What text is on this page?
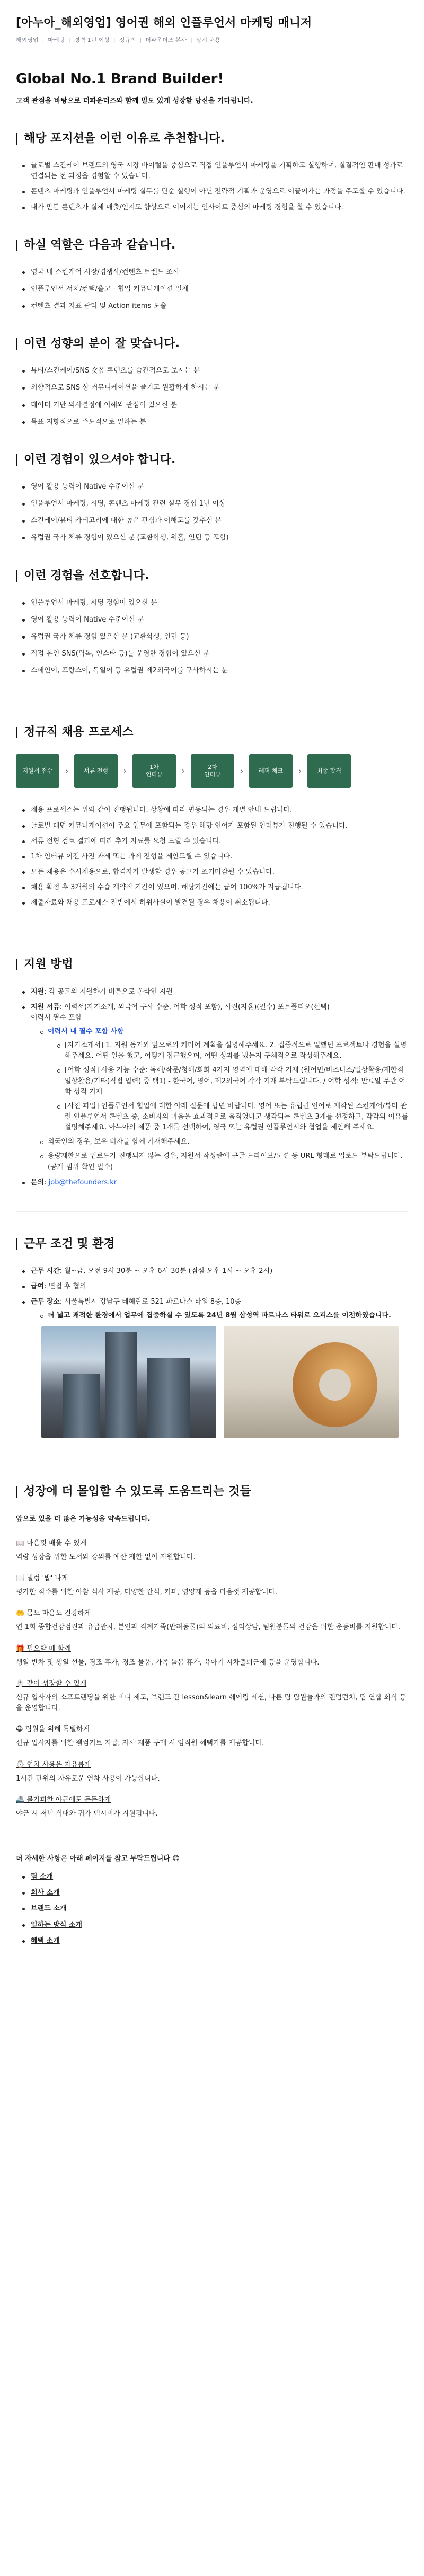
[아누아_해외영업] 영어권 해외 인플루언서 마케팅 매니저
해외영업 | 마케팅 | 경력 1년 이상 | 정규직 | 더파운더즈 본사 | 상시 채용
Global No.1 Brand Builder!
고객 관점을 바탕으로 더파운더즈와 함께 밀도 있게 성장할 당신을 기다립니다.
해당 포지션을 이런 이유로 추천합니다.
글로벌 스킨케어 브랜드의 영국 시장 바이럴을 중심으로 직접 인플루언서 마케팅을 기획하고 실행하며, 실질적인 판매 성과로 연결되는 전 과정을 경험할 수 있습니다.
콘텐츠 마케팅과 인플루언서 마케팅 실무를 단순 실행이 아닌 전략적 기획과 운영으로 이끌어가는 과정을 주도할 수 있습니다.
내가 만든 콘텐츠가 실제 매출/인지도 향상으로 이어지는 인사이트 중심의 마케팅 경험을 할 수 있습니다.
하실 역할은 다음과 같습니다.
영국 내 스킨케어 시장/경쟁사/컨텐츠 트렌드 조사
인플루언서 서치/컨택/출고 - 협업 커뮤니케이션 일체
컨텐츠 결과 지표 관리 및 Action items 도출
이런 성향의 분이 잘 맞습니다.
뷰티/스킨케어/SNS 숏폼 콘텐츠를 습관적으로 보시는 분
외향적으로 SNS 상 커뮤니케이션을 즐기고 원활하게 하시는 분
데이터 기반 의사결정에 이해와 관심이 있으신 분
목표 지향적으로 주도적으로 일하는 분
이런 경험이 있으셔야 합니다.
영어 활용 능력이 Native 수준이신 분
인플루언서 마케팅, 시딩, 콘텐츠 마케팅 관련 실무 경험 1년 이상
스킨케어/뷰티 카테고리에 대한 높은 관심과 이해도를 갖추신 분
유럽권 국가 체류 경험이 있으신 분 (교환학생, 워홀, 인턴 등 포함)
이런 경험을 선호합니다.
인플루언서 마케팅, 시딩 경험이 있으신 분
영어 활용 능력이 Native 수준이신 분
유럽권 국가 체류 경험 있으신 분 (교환학생, 인턴 등)
직접 본인 SNS(틱톡, 인스타 등)를 운영한 경험이 있으신 분
스페인어, 프랑스어, 독일어 등 유럽권 제2외국어를 구사하시는 분
정규직 채용 프로세스
지원서 접수	›	서류 전형	›	1차
인터뷰	›	2차
인터뷰	›	레퍼 체크	›	최종 합격
채용 프로세스는 위와 같이 진행됩니다. 상황에 따라 변동되는 경우 개별 안내 드립니다.
글로벌 대면 커뮤니케이션이 주요 업무에 포함되는 경우 해당 언어가 포함된 인터뷰가 진행될 수 있습니다.
서류 전형 검토 결과에 따라 추가 자료를 요청 드릴 수 있습니다.
1차 인터뷰 이전 사전 과제 또는 과제 전형을 제안드릴 수 있습니다.
모든 채용은 수시채용으로, 합격자가 발생할 경우 공고가 조기마감될 수 있습니다.
채용 확정 후 3개월의 수습 계약직 기간이 있으며, 해당기간에는 급여 100%가 지급됩니다.
제출자료와 채용 프로세스 전반에서 허위사실이 발견될 경우 채용이 취소됩니다.
지원 방법
지원: 각 공고의 지원하기 버튼으로 온라인 지원
지원 서류: 이력서(자기소개, 외국어 구사 수준, 어학 성적 포함), 사진(자율)(필수) 포트폴리오(선택)
이력서 필수 포함
이력서 내 필수 포함 사항
[자기소개서] 1. 지원 동기와 앞으로의 커리어 계획을 설명해주세요. 2. 집중적으로 일했던 프로젝트나 경험을 설명해주세요. 어떤 일을 했고, 어떻게 접근했으며, 어떤 성과를 냈는지 구체적으로 작성해주세요.
[어학 성적] 사용 가능 수준: 독해/작문/청해/회화 4가지 영역에 대해 각각 기재 (원어민/비즈니스/일상활용/제한적 일상활용/기타(직접 입력) 중 택1) - 한국어, 영어, 제2외국어 각각 기재 부탁드립니다. / 어학 성적: 만료일 무관 어학 성적 기재
[사진 파일] 인플루언서 협업에 대한 아래 질문에 답변 바랍니다. 영어 또는 유럽권 언어로 제작된 스킨케어/뷰티 관련 인플루언서 콘텐츠 중, 소비자의 마음을 효과적으로 움직였다고 생각되는 콘텐츠 3개를 선정하고, 각각의 이유를 설명해주세요. 아누아의 제품 중 1개를 선택하여, 영국 또는 유럽권 인플루언서와 협업을 제안해 주세요.
외국인의 경우, 보유 비자를 함께 기재해주세요.
용량제한으로 업로드가 진행되지 않는 경우, 지원서 작성란에 구글 드라이브/노션 등 URL 형태로 업로드 부탁드립니다. (공개 범위 확인 필수)
문의: job@thefounders.kr
근무 조건 및 환경
근무 시간: 월~금, 오전 9시 30분 ~ 오후 6시 30분 (점심 오후 1시 ~ 오후 2시)
급여: 면접 후 협의
근무 장소: 서울특별시 강남구 테헤란로 521 파르나스 타워 8층, 10층
더 넓고 쾌적한 환경에서 업무에 집중하실 수 있도록 24년 8월 삼성역 파르나스 타워로 오피스를 이전하였습니다.
성장에 더 몰입할 수 있도록 도움드리는 것들
앞으로 있을 더 많은 가능성을 약속드립니다.
📖 마음껏 배울 수 있게
역량 성장을 위한 도서와 강의를 예산 제한 없이 지원합니다.
🍽️ 밀렁 '밥' 나게
평가한 적주를 위한 야참 식사 제공, 다양한 간식, 커피, 영양제 등을 마음껏 제공합니다.
🤲 몸도 마음도 건강하게
연 1회 종합건강검진과 유급반차, 본인과 직계가족(반려동물)의 의료비, 심리상담, 팀원분들의 건강을 위한 운동비를 지원합니다.
🎁 필요할 때 함께
생일 반차 및 생일 선물, 경조 휴가, 경조 물품, 가족 돌봄 휴가, 육아기 시차출퇴근제 등을 운영합니다.
🖱️ 같이 성장할 수 있게
신규 입사자의 소프트랜딩을 위한 버디 제도, 브랜드 간 lesson&learn 쉐어링 세션, 다른 팀 팀원들과의 랜덤런치, 팀 연합 회식 등을 운영합니다.
😀 팀원을 위해 특별하게
신규 입사자를 위한 웰컴키트 지급, 자사 제품 구매 시 임직원 혜택가를 제공합니다.
⌚ 연차 사용은 자유롭게
1시간 단위의 자유로운 연차 사용이 가능합니다.
🚢 불가피한 야근에도 든든하게
야근 시 저녁 식대와 귀가 택시비가 지원됩니다.
더 자세한 사항은 아래 페이지를 참고 부탁드립니다 😊
팀 소개
회사 소개
브랜드 소개
일하는 방식 소개
혜택 소개
